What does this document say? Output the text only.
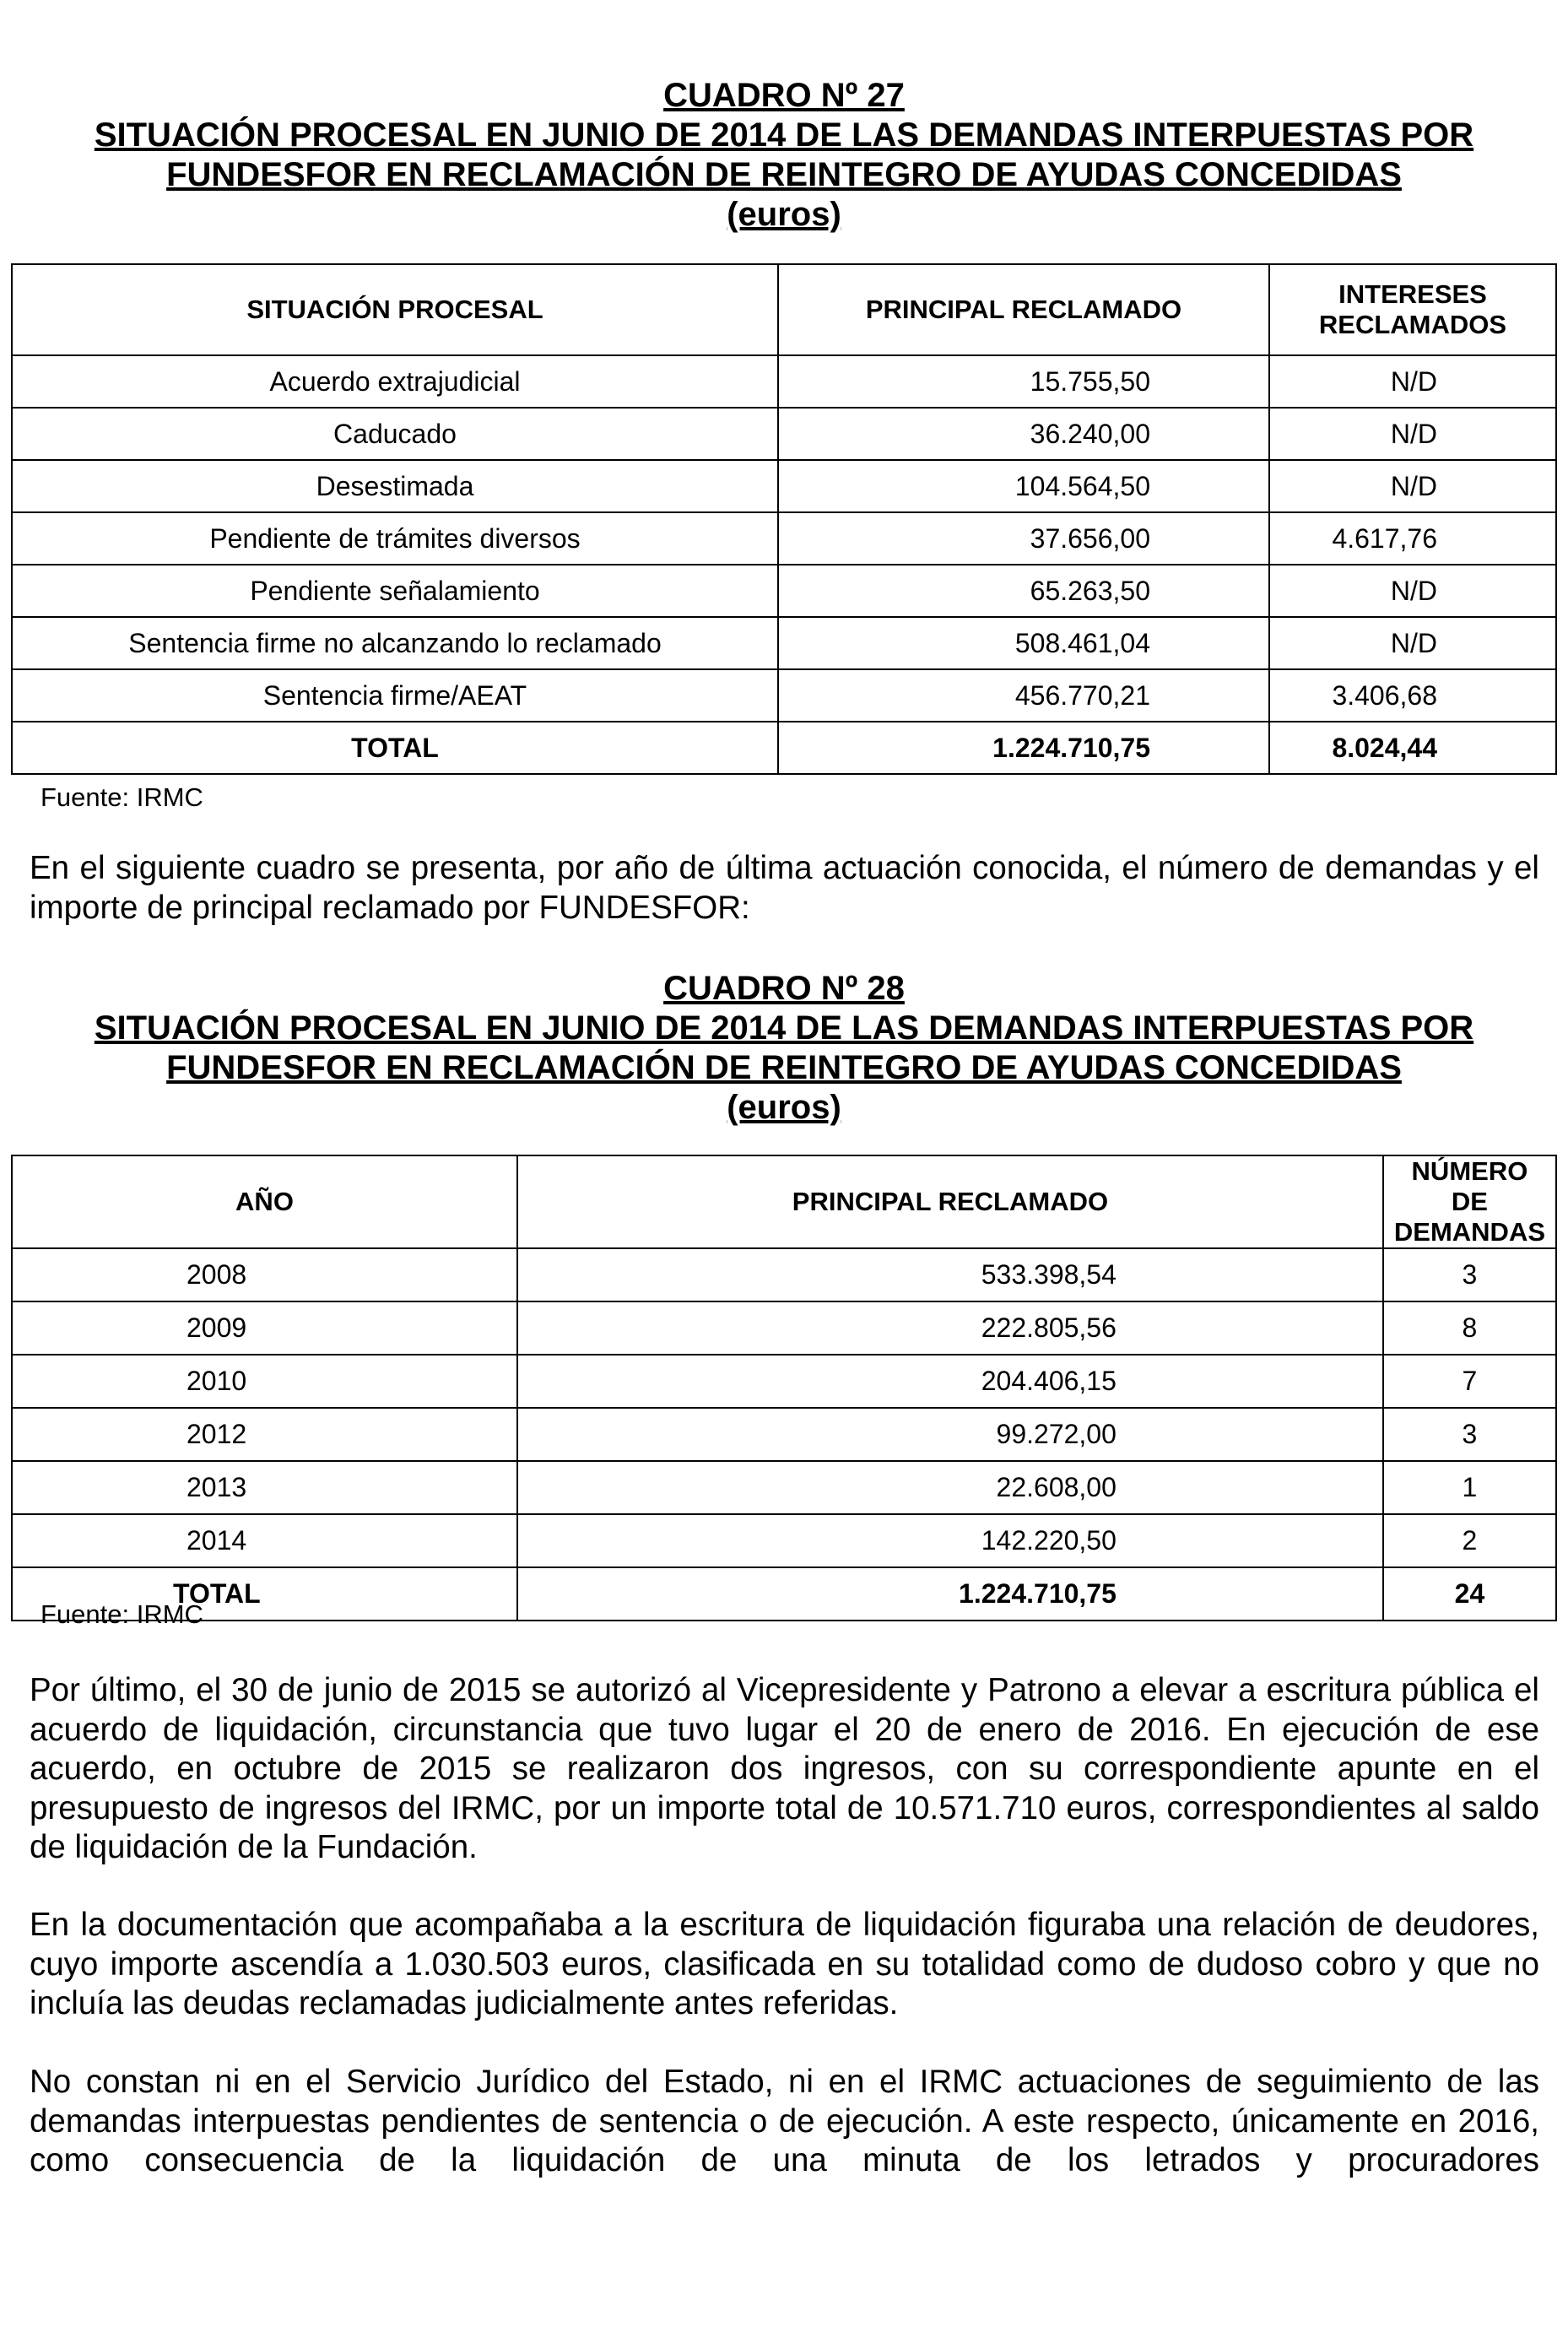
CUADRO Nº 27
SITUACIÓN PROCESAL EN JUNIO DE 2014 DE LAS DEMANDAS INTERPUESTAS POR
FUNDESFOR EN RECLAMACIÓN DE REINTEGRO DE AYUDAS CONCEDIDAS
(euros)
SITUACIÓN PROCESAL	PRINCIPAL RECLAMADO	INTERESES RECLAMADOS
Acuerdo extrajudicial	15.755,50	N/D
Caducado	36.240,00	N/D
Desestimada	104.564,50	N/D
Pendiente de trámites diversos	37.656,00	4.617,76
Pendiente señalamiento	65.263,50	N/D
Sentencia firme no alcanzando lo reclamado	508.461,04	N/D
Sentencia firme/AEAT	456.770,21	3.406,68
TOTAL	1.224.710,75	8.024,44
Fuente: IRMC

En el siguiente cuadro se presenta, por año de última actuación conocida, el número de demandas y el importe de principal reclamado por FUNDESFOR:

CUADRO Nº 28
SITUACIÓN PROCESAL EN JUNIO DE 2014 DE LAS DEMANDAS INTERPUESTAS POR
FUNDESFOR EN RECLAMACIÓN DE REINTEGRO DE AYUDAS CONCEDIDAS
(euros)
AÑO	PRINCIPAL RECLAMADO	NÚMERO DE DEMANDAS
2008	533.398,54	3
2009	222.805,56	8
2010	204.406,15	7
2012	99.272,00	3
2013	22.608,00	1
2014	142.220,50	2
TOTAL	1.224.710,75	24
Fuente: IRMC

Por último, el 30 de junio de 2015 se autorizó al Vicepresidente y Patrono a elevar a escritura pública el acuerdo de liquidación, circunstancia que tuvo lugar el 20 de enero de 2016. En ejecución de ese acuerdo, en octubre de 2015 se realizaron dos ingresos, con su correspondiente apunte en el presupuesto de ingresos del IRMC, por un importe total de 10.571.710 euros, correspondientes al saldo de liquidación de la Fundación.

En la documentación que acompañaba a la escritura de liquidación figuraba una relación de deudores, cuyo importe ascendía a 1.030.503 euros, clasificada en su totalidad como de dudoso cobro y que no incluía las deudas reclamadas judicialmente antes referidas.

No constan ni en el Servicio Jurídico del Estado, ni en el IRMC actuaciones de seguimiento de las demandas interpuestas pendientes de sentencia o de ejecución. A este respecto, únicamente en 2016, como consecuencia de la liquidación de una minuta de los letrados y procuradores
